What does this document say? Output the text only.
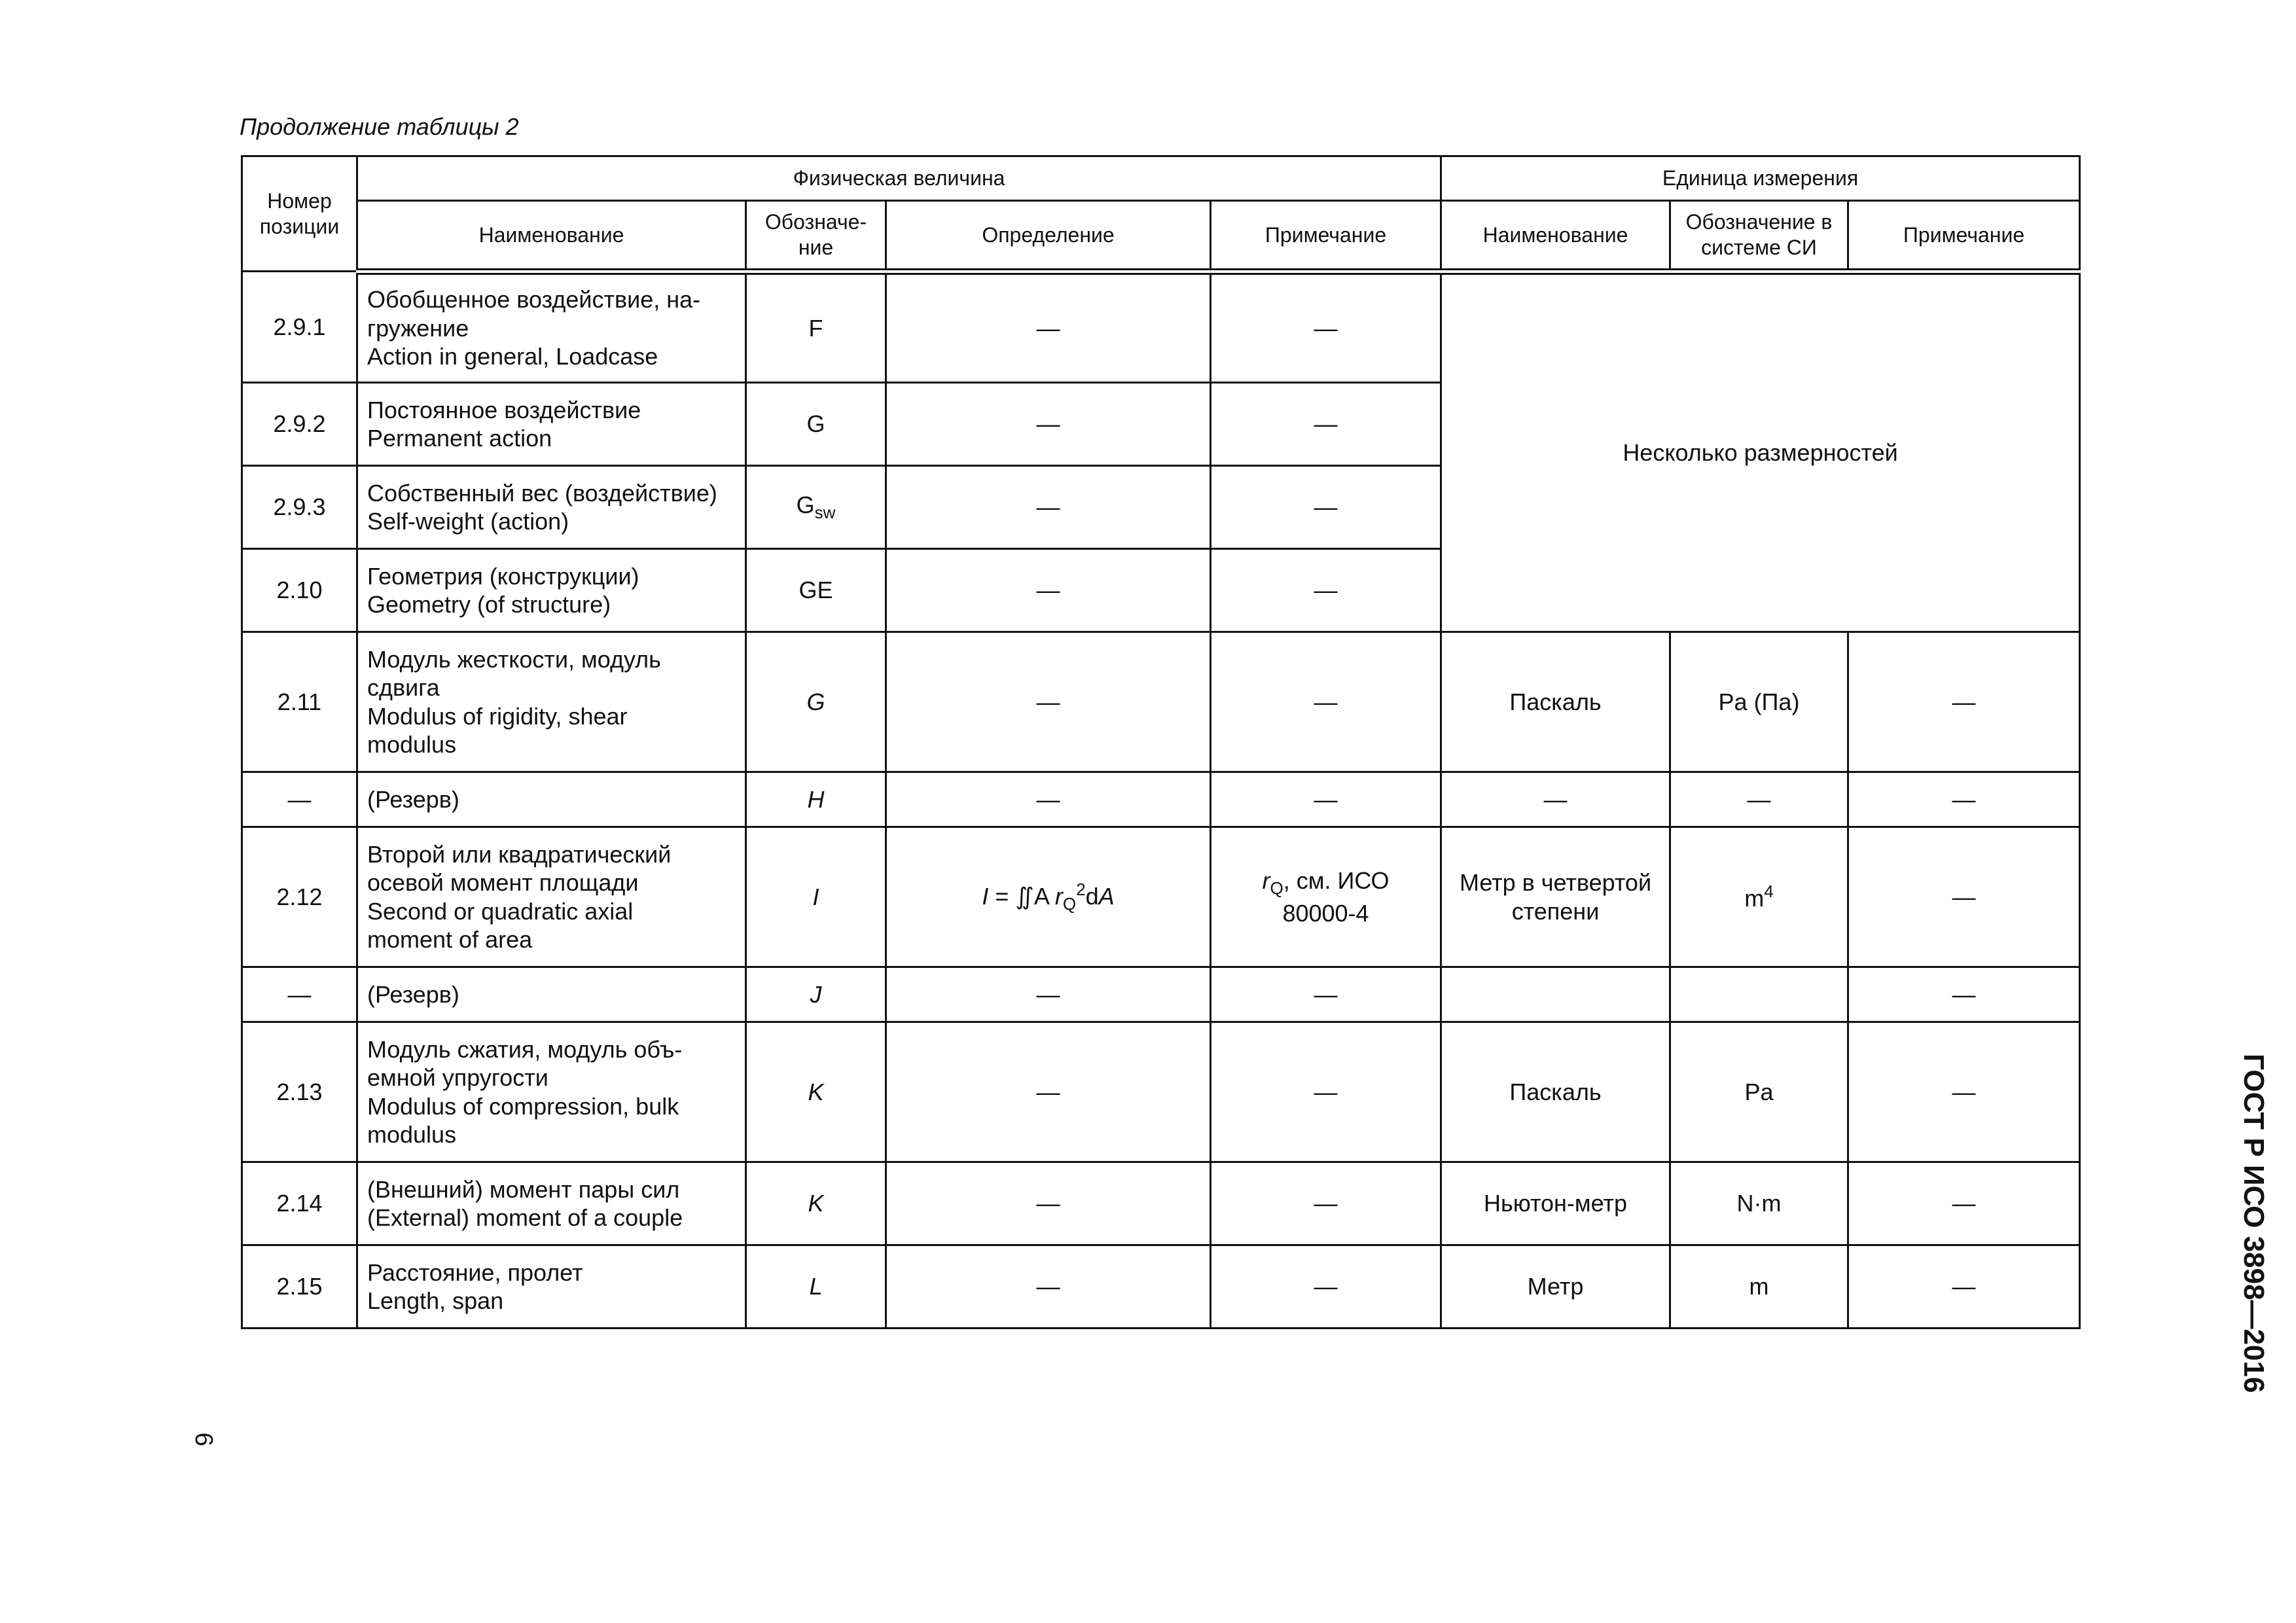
Продолжение таблицы 2
Номер позиции	Физическая величина				Единица измерения		
	Наименование	Обозначе-ние	Определение	Примечание	Наименование	Обозначение в системе СИ	Примечание
2.9.1	Обобщенное воздействие, на-
гружение
Action in general, Loadcase	F	—	—	Несколько размерностей		
2.9.2	Постоянное воздействие
Permanent action	G	—	—			
2.9.3	Собственный вес (воздействие)
Self-weight (action)	$G_{sw}$	—	—			
2.10	Геометрия (конструкции)
Geometry (of structure)	GE	—	—			
2.11	Модуль жесткости, модуль
сдвига
Modulus of rigidity, shear
modulus	G	—	—	Паскаль	Pa (Па)	—
—	(Резерв)	H	—	—	—	—	—
2.12	Второй или квадратический
осевой момент площади
Second or quadratic axial
moment of area	I	I = ∬A $r_Q^2dA$	$r_Q$, см. ИСО
80000-4	Метр в четвертой
степени	$m^4$	—
—	(Резерв)	J	—	—			—
2.13	Модуль сжатия, модуль объ-
емной упругости
Modulus of compression, bulk
modulus	K	—	—	Паскаль	Pa	—
2.14	(Внешний) момент пары сил
(External) moment of a couple	K	—	—	Ньютон-метр	N·m	—
2.15	Расстояние, пролет
Length, span	L	—	—	Метр	m	—
6
ГОСТ Р ИСО 3898—2016
